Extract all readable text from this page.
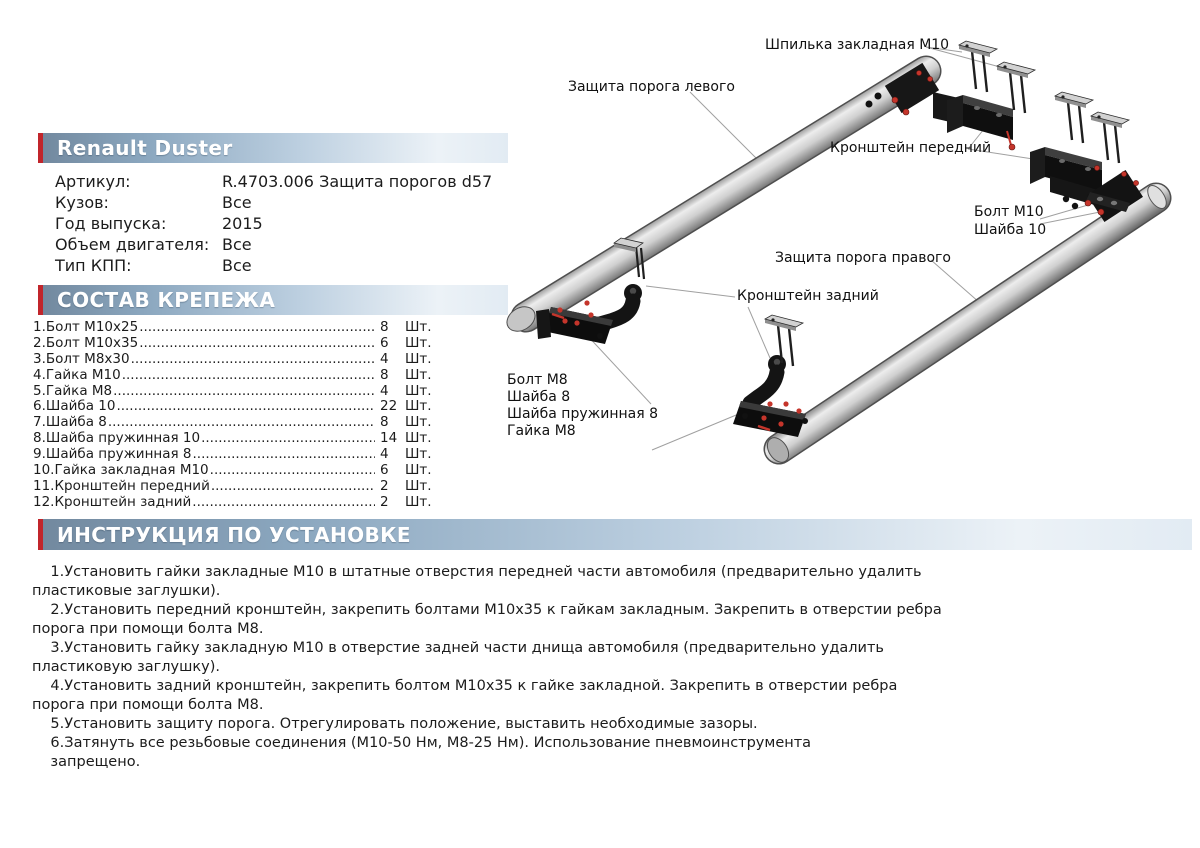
Renault Duster
Артикул:	R.4703.006 Защита порогов d57
Кузов:	Все
Год выпуска:	2015
Объем двигателя: Все
Тип КПП:	Все
СОСТАВ КРЕПЕЖА
1.Болт М10х25 .....	8	Шт.
2.Болт М10х35 .....	6	Шт.
3.Болт М8х30 .....	4	Шт.
4.Гайка М10 .....	8	Шт.
5.Гайка М8 .....	4	Шт.
6.Шайба 10 .....	22 Шт.
7.Шайба 8 .....	8	Шт.
8.Шайба пружинная 10 .....	14 Шт.
9.Шайба пружинная 8 .....	4	Шт.
10.Гайка закладная М10 .....	6	Шт.
11.Кронштейн передний .....	2	Шт.
12.Кронштейн задний .....	2	Шт.
ИНСТРУКЦИЯ ПО УСТАНОВКЕ
1.Установить гайки закладные М10 в штатные отверстия передней части автомобиля (предварительно удалить
пластиковые заглушки).
2.Установить передний кронштейн, закрепить болтами М10х35 к гайкам закладным. Закрепить в отверстии ребра
порога при помощи болта М8.
3.Установить гайку закладную М10 в отверстие задней части днища автомобиля (предварительно удалить
пластиковую заглушку).
4.Установить задний кронштейн, закрепить болтом М10х35 к гайке закладной. Закрепить в отверстии ребра
порога при помощи болта М8.
5.Установить защиту порога. Отрегулировать положение, выставить необходимые зазоры.
6.Затянуть все резьбовые соединения (М10-50 Нм, М8-25 Нм). Использование пневмоинструмента
запрещено.
Шпилька закладная М10
Защита порога левого
Кронштейн передний
Болт М10
Шайба 10
Защита порога правого
Кронштейн задний
Болт М8
Шайба 8
Шайба пружинная 8
Гайка М8
